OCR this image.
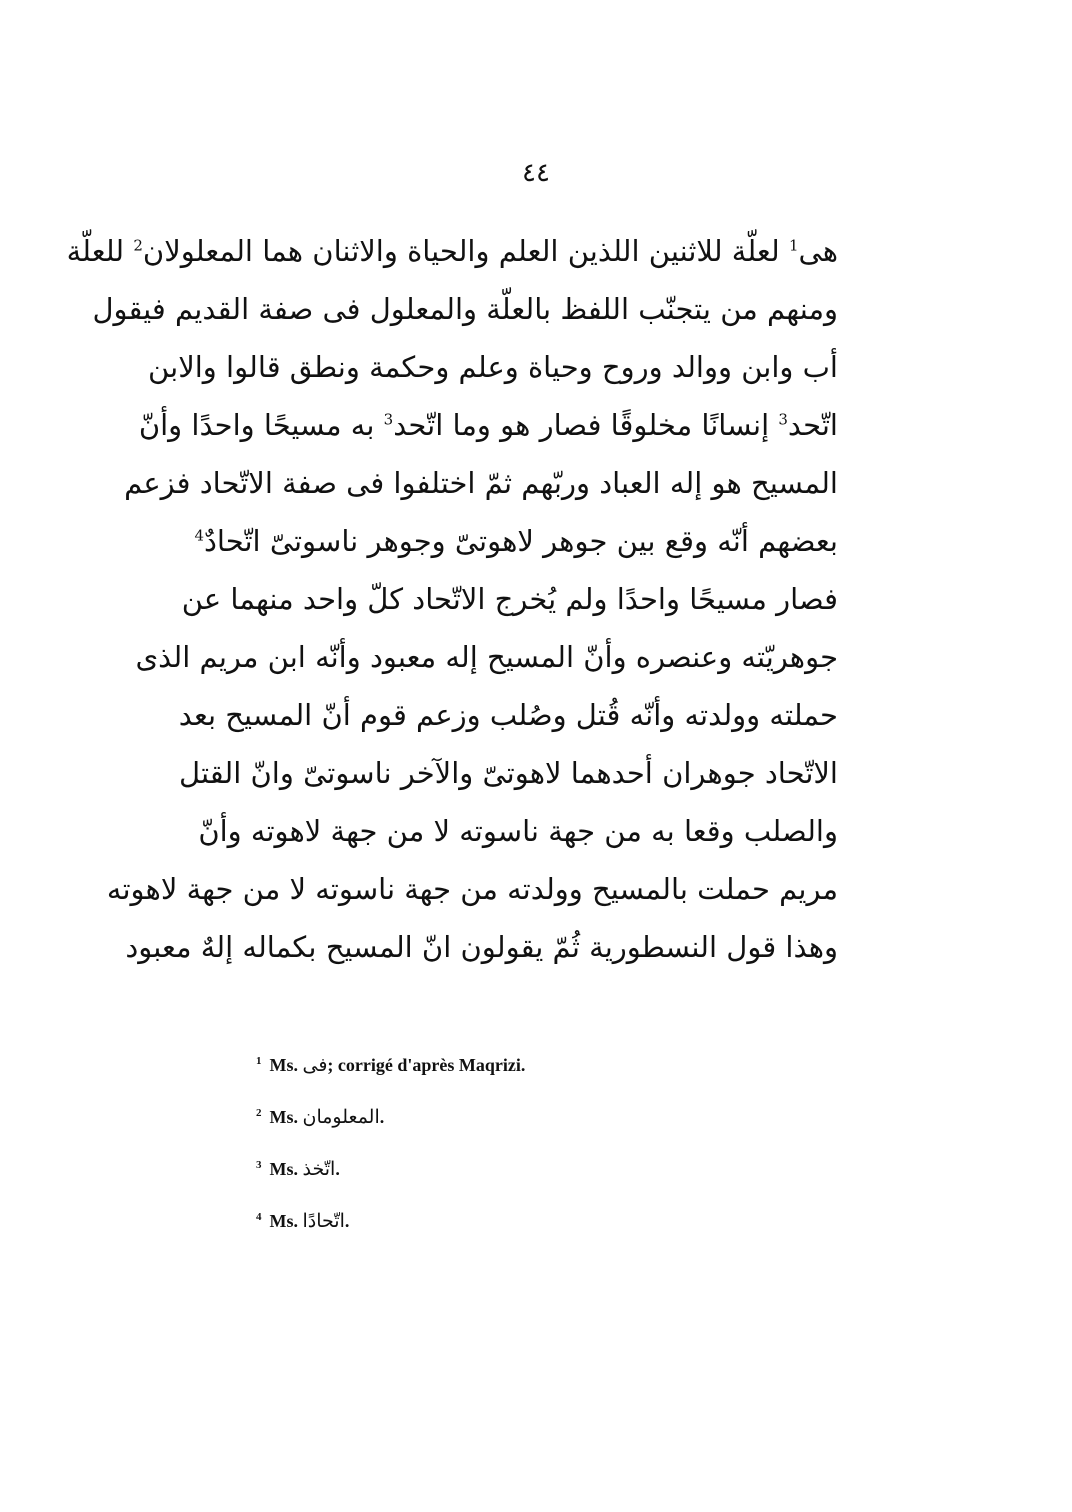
٤٤
هى$^1$ لعلّة للاثنين اللذين العلم والحياة والاثنان هما المعلولان$^2$ للعلّة
ومنهم من يتجنّب اللفظ بالعلّة والمعلول فى صفة القديم فيقول
أب وابن ووالد وروح وحياة وعلم وحكمة ونطق قالوا والابن
اتّحد$^3$ إنسانًا مخلوقًا فصار هو وما اتّحد$^3$ به مسيحًا واحدًا وأنّ
المسيح هو إله العباد وربّهم ثمّ اختلفوا فى صفة الاتّحاد فزعم
بعضهم أنّه وقع بين جوهر لاهوتىّ وجوهر ناسوتىّ اتّحادٌ$^4$
فصار مسيحًا واحدًا ولم يُخرج الاتّحاد كلّ واحد منهما عن
جوهريّته وعنصره وأنّ المسيح إله معبود وأنّه ابن مريم الذى
حملته وولدته وأنّه قُتل وصُلب وزعم قوم أنّ المسيح بعد
الاتّحاد جوهران أحدهما لاهوتىّ والآخر ناسوتىّ وانّ القتل
والصلب وقعا به من جهة ناسوته لا من جهة لاهوته وأنّ
مريم حملت بالمسيح وولدته من جهة ناسوته لا من جهة لاهوته
وهذا قول النسطورية ثُمّ يقولون انّ المسيح بكماله إلهٌ معبود
$^1$ Ms. فى; corrigé d'après Maqrizi.
$^2$ Ms. المعلومان.
$^3$ Ms. اتّخذ.
$^4$ Ms. اتّحادًا.
